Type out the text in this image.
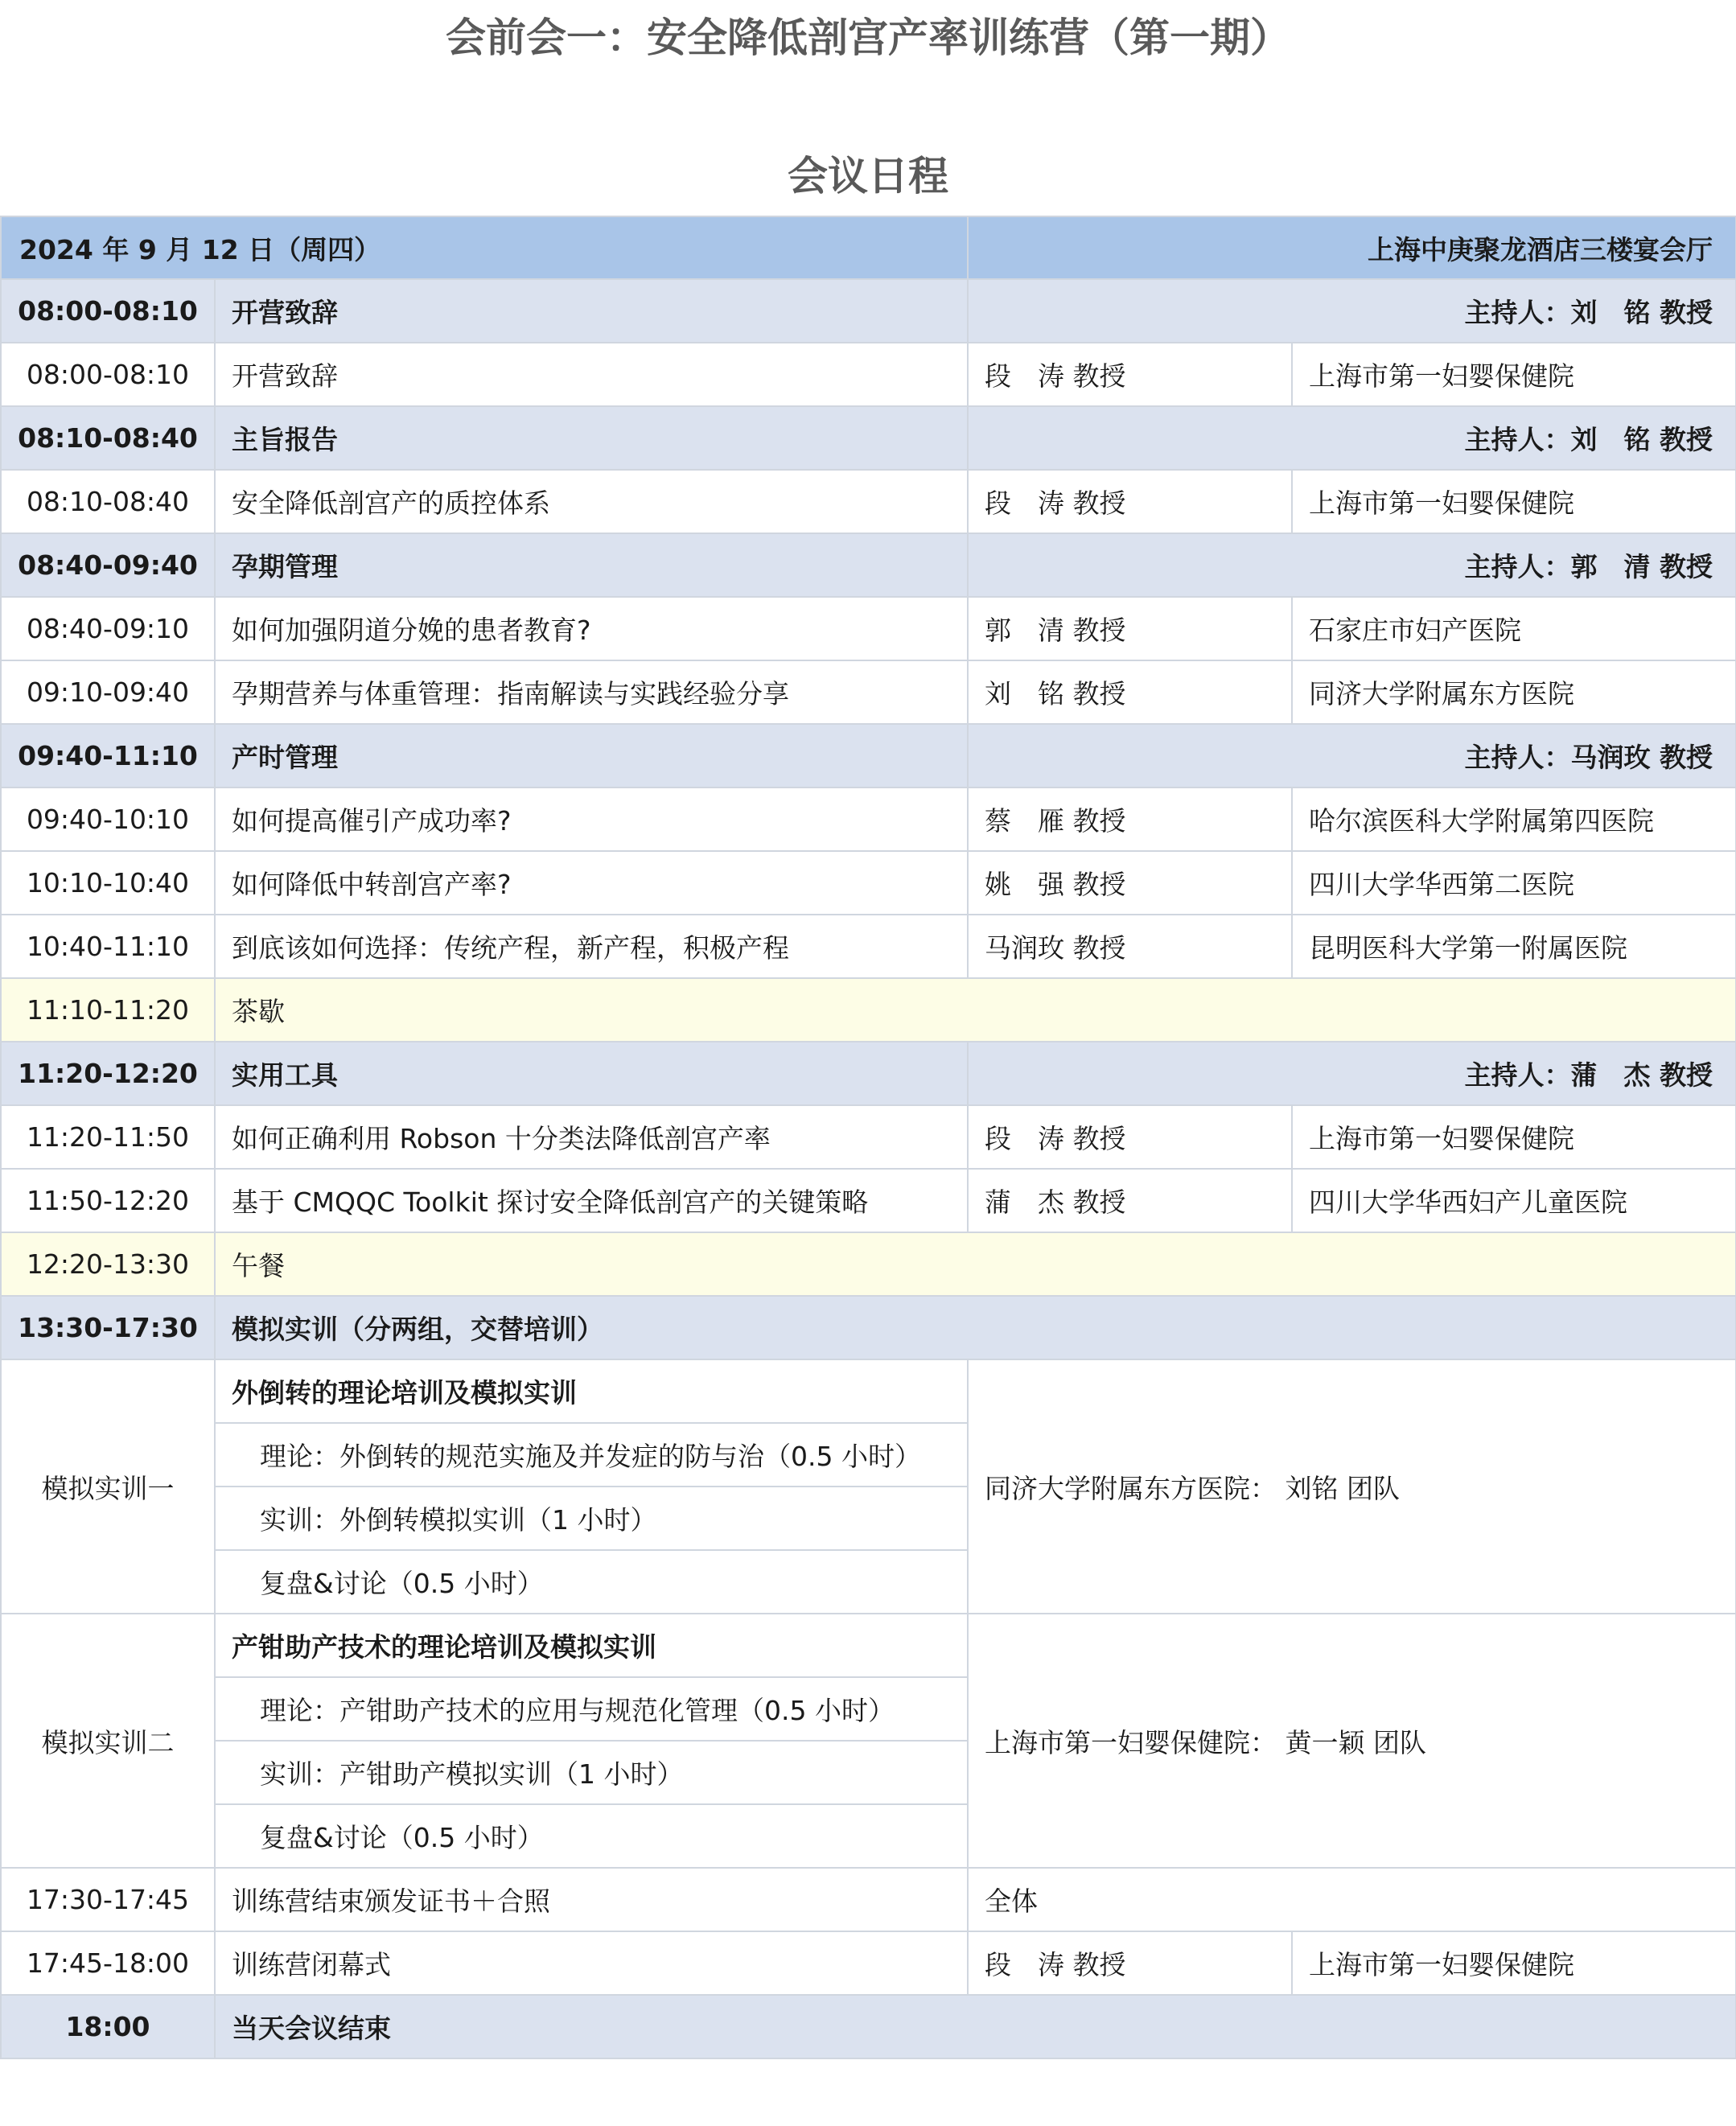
会前会一：安全降低剖宫产率训练营（第一期）
会议日程
2024 年 9 月 12 日（周四）		上海中庚聚龙酒店三楼宴会厅	
08:00-08:10	开营致辞	主持人：刘　铭 教授	
08:00-08:10	开营致辞	段　涛 教授	上海市第一妇婴保健院
08:10-08:40	主旨报告	主持人：刘　铭 教授	
08:10-08:40	安全降低剖宫产的质控体系	段　涛 教授	上海市第一妇婴保健院
08:40-09:40	孕期管理	主持人：郭　清 教授	
08:40-09:10	如何加强阴道分娩的患者教育?	郭　清 教授	石家庄市妇产医院
09:10-09:40	孕期营养与体重管理：指南解读与实践经验分享	刘　铭 教授	同济大学附属东方医院
09:40-11:10	产时管理	主持人：马润玫 教授	
09:40-10:10	如何提高催引产成功率?	蔡　雁 教授	哈尔滨医科大学附属第四医院
10:10-10:40	如何降低中转剖宫产率?	姚　强 教授	四川大学华西第二医院
10:40-11:10	到底该如何选择：传统产程，新产程，积极产程	马润玫 教授	昆明医科大学第一附属医院
11:10-11:20	茶歇		
11:20-12:20	实用工具	主持人：蒲　杰 教授	
11:20-11:50	如何正确利用 Robson 十分类法降低剖宫产率	段　涛 教授	上海市第一妇婴保健院
11:50-12:20	基于 CMQQC Toolkit 探讨安全降低剖宫产的关键策略	蒲　杰 教授	四川大学华西妇产儿童医院
12:20-13:30	午餐		
13:30-17:30	模拟实训（分两组，交替培训）		
模拟实训一	外倒转的理论培训及模拟实训	同济大学附属东方医院： 刘铭 团队	
	理论：外倒转的规范实施及并发症的防与治（0.5 小时）		
	实训：外倒转模拟实训（1 小时）		
	复盘&讨论（0.5 小时）		
模拟实训二	产钳助产技术的理论培训及模拟实训	上海市第一妇婴保健院： 黄一颖 团队	
	理论：产钳助产技术的应用与规范化管理（0.5 小时）		
	实训：产钳助产模拟实训（1 小时）		
	复盘&讨论（0.5 小时）		
17:30-17:45	训练营结束颁发证书＋合照	全体	
17:45-18:00	训练营闭幕式	段　涛 教授	上海市第一妇婴保健院
18:00	当天会议结束		
